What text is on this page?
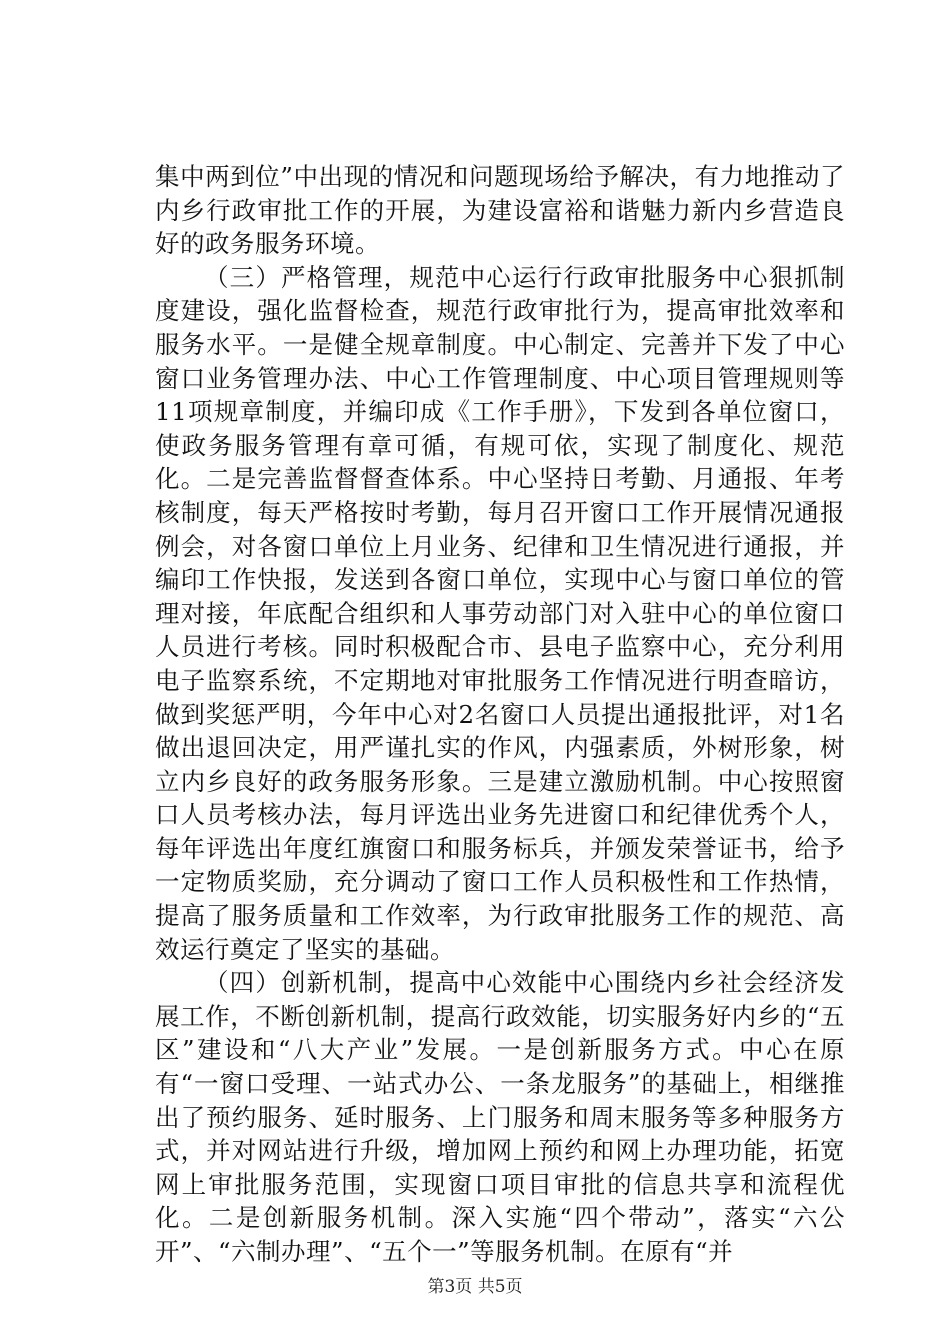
集中两到位”中出现的情况和问题现场给予解决，有力地推动了内乡行政审批工作的开展，为建设富裕和谐魅力新内乡营造良好的政务服务环境。

（三）严格管理，规范中心运行行政审批服务中心狠抓制度建设，强化监督检查，规范行政审批行为，提高审批效率和服务水平。一是健全规章制度。中心制定、完善并下发了中心窗口业务管理办法、中心工作管理制度、中心项目管理规则等11项规章制度，并编印成《工作手册》，下发到各单位窗口，使政务服务管理有章可循，有规可依，实现了制度化、规范化。二是完善监督督查体系。中心坚持日考勤、月通报、年考核制度，每天严格按时考勤，每月召开窗口工作开展情况通报例会，对各窗口单位上月业务、纪律和卫生情况进行通报，并编印工作快报，发送到各窗口单位，实现中心与窗口单位的管理对接，年底配合组织和人事劳动部门对入驻中心的单位窗口人员进行考核。同时积极配合市、县电子监察中心，充分利用电子监察系统，不定期地对审批服务工作情况进行明查暗访，做到奖惩严明，今年中心对2名窗口人员提出通报批评，对1名做出退回决定，用严谨扎实的作风，内强素质，外树形象，树立内乡良好的政务服务形象。三是建立激励机制。中心按照窗口人员考核办法，每月评选出业务先进窗口和纪律优秀个人，每年评选出年度红旗窗口和服务标兵，并颁发荣誉证书，给予一定物质奖励，充分调动了窗口工作人员积极性和工作热情，提高了服务质量和工作效率，为行政审批服务工作的规范、高效运行奠定了坚实的基础。

（四）创新机制，提高中心效能中心围绕内乡社会经济发展工作，不断创新机制，提高行政效能，切实服务好内乡的“五区”建设和“八大产业”发展。一是创新服务方式。中心在原有“一窗口受理、一站式办公、一条龙服务”的基础上，相继推出了预约服务、延时服务、上门服务和周末服务等多种服务方式，并对网站进行升级，增加网上预约和网上办理功能，拓宽网上审批服务范围，实现窗口项目审批的信息共享和流程优化。二是创新服务机制。深入实施“四个带动”，落实“六公开”、“六制办理”、“五个一”等服务机制。在原有“并

第3页 共5页
